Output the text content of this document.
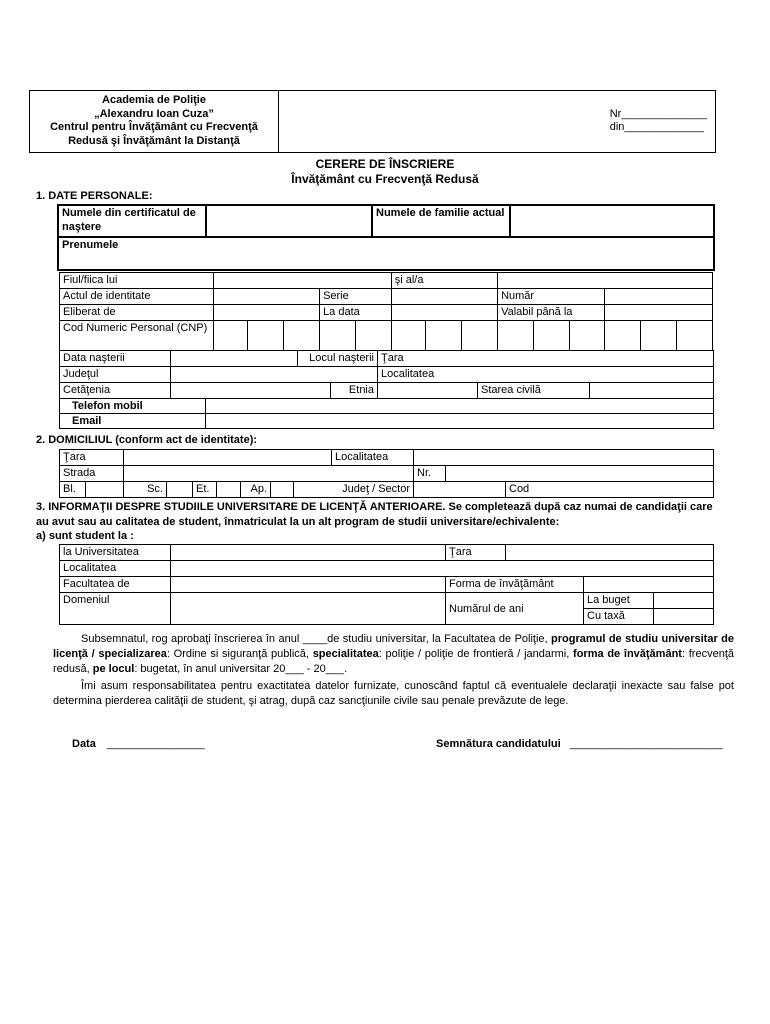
Academia de Poliţie
„Alexandru Ioan Cuza”
Centrul pentru Învăţământ cu Frecvenţă
Redusă şi Învăţământ la Distanţă
Nr______________
din_____________
CERERE DE ÎNSCRIERE
Învăţământ cu Frecvenţă Redusă
1. DATE PERSONALE:
Numele din certificatul de naştere		Numele de familie actual	
Prenumele
Fiul/fiica lui						şi al/a								
Actul de identitate				Serie					Număr					
Eliberat de				La data					Valabil până la					
Cod Numeric Personal (CNP)														
Data naşterii		Locul naşterii	Ţara
Judeţul			Localitatea
Cetăţenia		Etnia		Starea civilă		
Telefon mobil	
Email	
2. DOMICILIUL (conform act de identitate):
Ţara									Localitatea			
Strada										Nr.		
Bl.		Sc.		Et.		Ap.		Judeţ / Sector				Cod
3. INFORMAŢII DESPRE STUDIILE UNIVERSITARE DE LICENŢĂ ANTERIOARE. Se completează după caz numai de candidaţii care au avut sau au calitatea de student, înmatriculat la un alt program de studii universitare/echivalente:
a) sunt student la :
la Universitatea		Ţara			
Localitatea					
Facultatea de		Forma de învăţământ			
Domeniul		Numărul de ani		La buget	
				Cu taxă	
Subsemnatul, rog aprobaţi înscrierea în anul ____de studiu universitar, la Facultatea de Poliţie, programul de studiu universitar de licenţă / specializarea: Ordine si siguranţă publică, specialitatea: poliţie / poliţie de frontieră / jandarmi, forma de învăţământ: frecvenţă redusă, pe locul: bugetat, în anul universitar 20___ - 20___.
Îmi asum responsabilitatea pentru exactitatea datelor furnizate, cunoscând faptul că eventualele declaraţii inexacte sau false pot determina pierderea calităţii de student, şi atrag, după caz sancţiunile civile sau penale prevăzute de lege.
Data ________________	Semnătura candidatului _________________________
